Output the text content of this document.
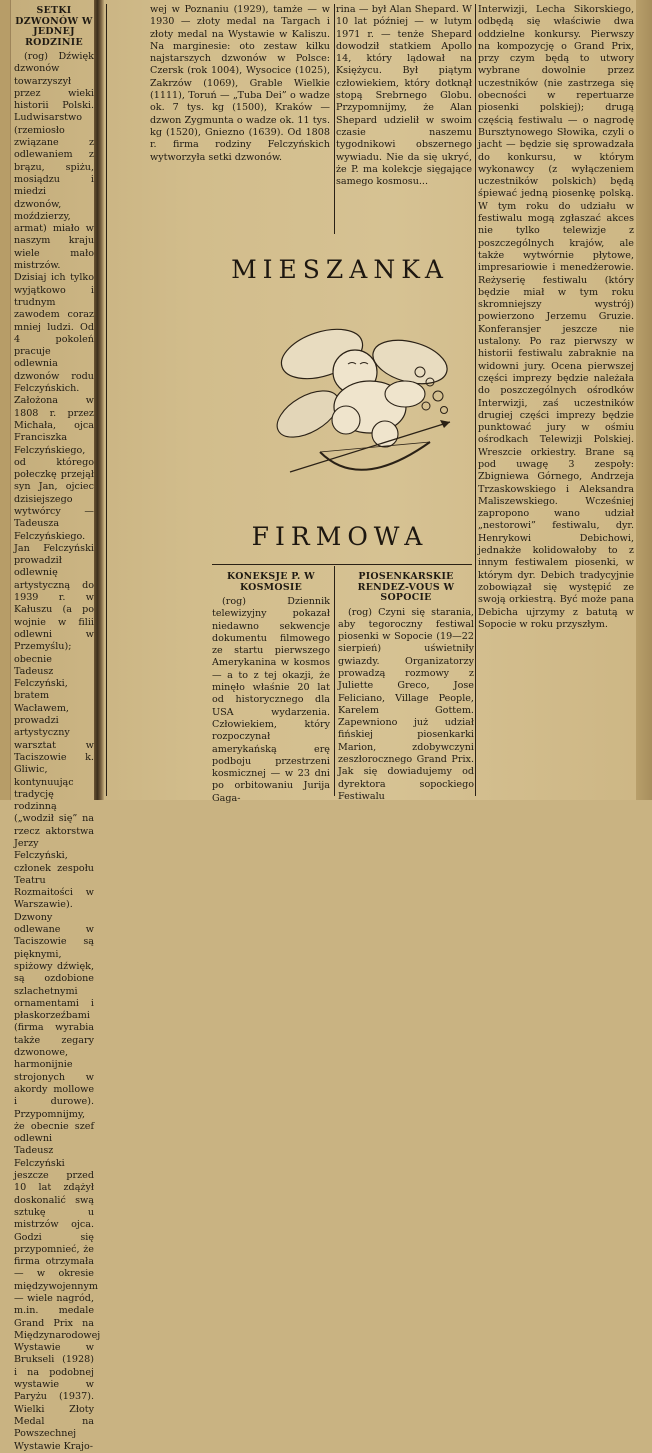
SETKI DZWONÓW W JEDNEJ RODZINIE

(rog) Dźwięk dzwonów towarzyszył przez wieki historii Polski. Ludwisarstwo (rzemiosło związane z odlewaniem z brązu, spiżu, mosiądzu i miedzi dzwonów, moździerzy, armat) miało w naszym kraju wiele mało mistrzów. Dzisiaj ich tylko wyjątkowo i trudnym zawodem coraz mniej ludzi. Od 4 pokoleń pracuje odlewnia dzwonów rodu Felczyńskich. Założona w 1808 r. przez Michała, ojca Franciszka Felczyńskiego, od którego połeczkę przejął syn Jan, ojciec dzisiejszego wytwórcy — Tadeusza Felczyńskiego. Jan Felczyński prowadził odlewnię artystyczną do 1939 r. w Kałuszu (a po wojnie w filii odlewni w Przemyślu); obecnie Tadeusz Felczyński, bratem Wacławem, prowadzi artystyczny warsztat w Taciszowie k. Gliwic, kontynuując tradycję rodzinną („wodził się” na rzecz aktorstwa Jerzy Felczyński, członek zespołu Teatru Rozmaitości w Warszawie). Dzwony odlewane w Taciszowie są pięknymi, spiżowy dźwięk, są ozdobione szlachetnymi ornamentami i płaskorzeźbami (firma wyrabia także zegary dzwonowe, harmonijnie strojonych w akordy mollowe i durowe). Przypomnijmy, że obecnie szef odlewni Tadeusz Felczyński jeszcze przed 10 lat zdążył doskonalić swą sztukę u mistrzów ojca. Godzi się przypomnieć, że firma otrzymała — w okresie międzywojennym — wiele nagród, m.in. medale Grand Prix na Międzynarodowej Wystawie w Brukseli (1928) i na podobnej wystawie w Paryżu (1937). Wielki Złoty Medal na Powszechnej Wystawie Krajo-

wej w Poznaniu (1929), tamże — w 1930 — złoty medal na Targach i złoty medal na Wystawie w Kaliszu. Na marginesie: oto zestaw kilku najstarszych dzwonów w Polsce: Czersk (rok 1004), Wysocice (1025), Zakrzów (1069), Grable Wielkie (1111), Toruń — „Tuba Dei” o wadze ok. 7 tys. kg (1500), Kraków — dzwon Zygmunta o wadze ok. 11 tys. kg (1520), Gniezno (1639). Od 1808 r. firma rodziny Felczyńskich wytworzyła setki dzwonów.

rina — był Alan Shepard. W 10 lat później — w lutym 1971 r. — tenże Shepard dowodził statkiem Apollo 14, który lądował na Księżycu. Był piątym człowiekiem, który dotknął stopą Srebrnego Globu. Przypomnijmy, że Alan Shepard udzielił w swoim czasie naszemu tygodnikowi obszernego wywiadu. Nie da się ukryć, że P. ma kolekcje sięgające samego kosmosu...

Interwizji, Lecha Sikorskiego, odbędą się właściwie dwa oddzielne konkursy. Pierwszy na kompozycję o Grand Prix, przy czym będą to utwory wybrane dowolnie przez uczestników (nie zastrzega się obecności w repertuarze piosenki polskiej); drugą częścią festiwalu — o nagrodę Bursztynowego Słowika, czyli o jacht — będzie się sprowadzała do konkursu, w którym wykonawcy (z wyłączeniem uczestników polskich) będą śpiewać jedną piosenkę polską. W tym roku do udziału w festiwalu mogą zgłaszać akces nie tylko telewizje z poszczególnych krajów, ale także wytwórnie płytowe, impresariowie i menedżerowie. Reżyserię festiwalu (który będzie miał w tym roku skromniejszy wystrój) powierzono Jerzemu Gruzie. Konferansjer jeszcze nie ustalony. Po raz pierwszy w historii festiwalu zabraknie na widowni jury. Ocena pierwszej części imprezy będzie należała do poszczególnych ośrodków Interwizji, zaś uczestników drugiej części imprezy będzie punktować jury w ośmiu ośrodkach Telewizji Polskiej. Wreszcie orkiestry. Brane są pod uwagę 3 zespoły: Zbigniewa Górnego, Andrzeja Trzaskowskiego i Aleksandra Maliszewskiego. Wcześniej zapropono wano udział „nestorowi” festiwalu, dyr. Henrykowi Debichowi, jednakże kolidowałoby to z innym festiwalem piosenki, w którym dyr. Debich tradycyjnie zobowiązał się występić ze swoją orkiestrą. Być może pana Debicha ujrzymy z batutą w Sopocie w roku przyszłym.

MIESZANKA
FIRMOWA
KONEKSJE P. W KOSMOSIE

(rog) Dziennik telewizyjny pokazał niedawno sekwencje dokumentu filmowego ze startu pierwszego Amerykanina w kosmos — a to z tej okazji, że minęło właśnie 20 lat od historycznego dla USA wydarzenia. Człowiekiem, który rozpoczynał amerykańską erę podboju przestrzeni kosmicznej — w 23 dni po orbitowaniu Jurija Gaga-

PIOSENKARSKIE RENDEZ-VOUS W SOPOCIE

(rog) Czyni się starania, aby tegoroczny festiwal piosenki w Sopocie (19—22 sierpień) uświetniły gwiazdy. Organizatorzy prowadzą rozmowy z Juliette Greco, Jose Feliciano, Village People, Karelem Gottem. Zapewniono już udział fińskiej piosenkarki Marion, zdobywczyni zeszłorocznego Grand Prix. Jak się dowiadujemy od dyrektora sopockiego Festiwalu
